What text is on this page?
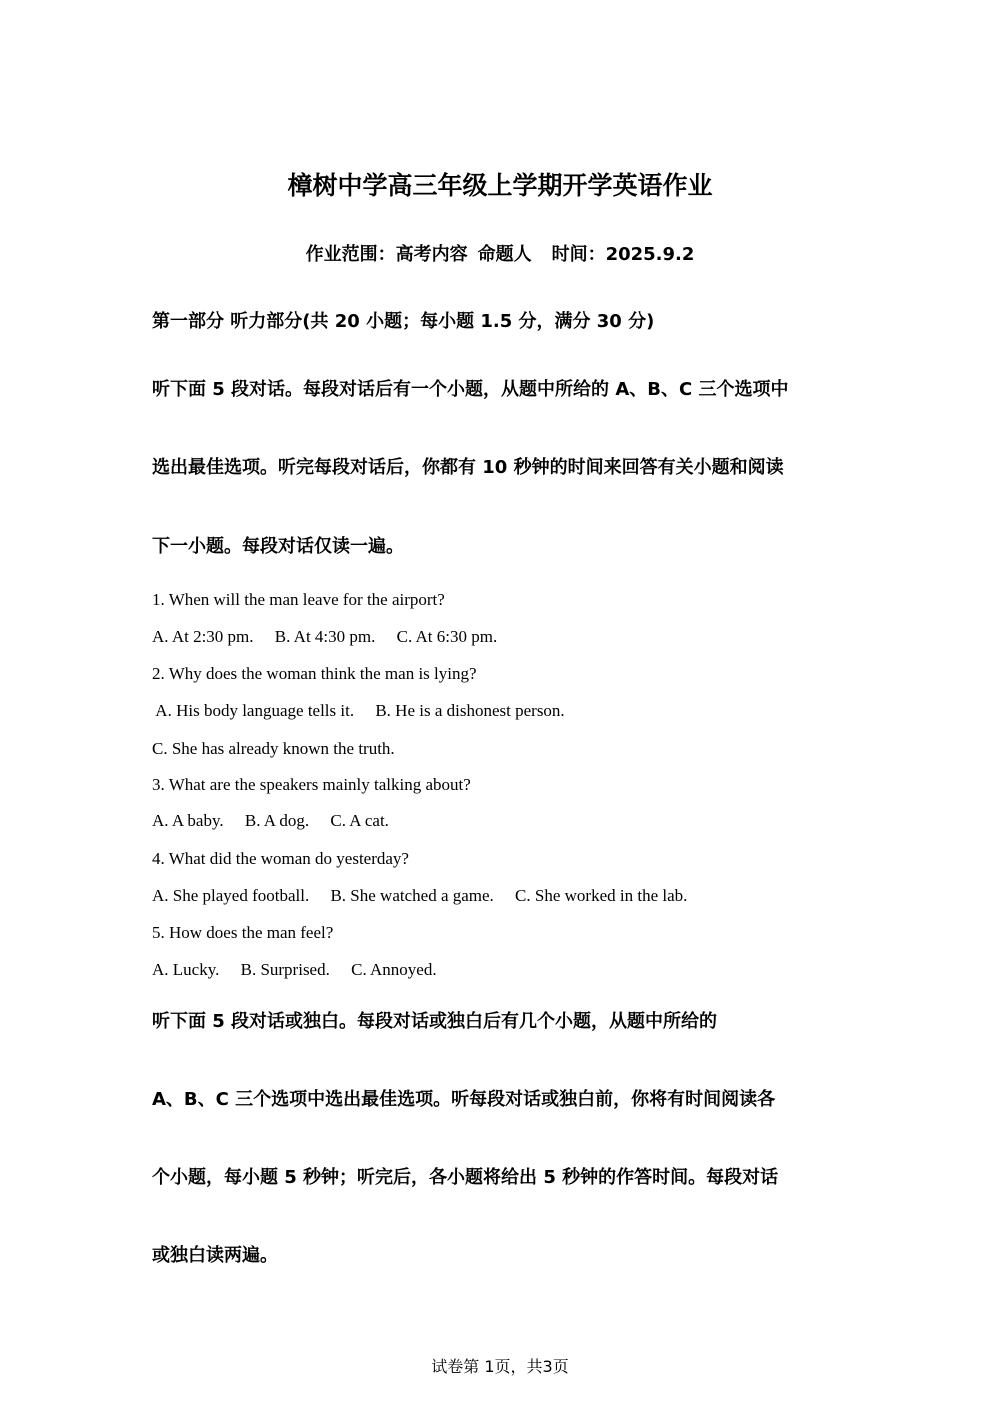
樟树中学高三年级上学期开学英语作业
作业范围：高考内容 命题人 时间：2025.9.2
第一部分 听力部分(共 20 小题；每小题 1.5 分，满分 30 分)
听下面 5 段对话。每段对话后有一个小题，从题中所给的 A、B、C 三个选项中
选出最佳选项。听完每段对话后，你都有 10 秒钟的时间来回答有关小题和阅读
下一小题。每段对话仅读一遍。
1. When will the man leave for the airport?
A. At 2:30 pm.     B. At 4:30 pm.     C. At 6:30 pm.
2. Why does the woman think the man is lying?
A. His body language tells it.     B. He is a dishonest person.
C. She has already known the truth.
3. What are the speakers mainly talking about?
A. A baby.     B. A dog.     C. A cat.
4. What did the woman do yesterday?
A. She played football.     B. She watched a game.     C. She worked in the lab.
5. How does the man feel?
A. Lucky.     B. Surprised.     C. Annoyed.
听下面 5 段对话或独白。每段对话或独白后有几个小题，从题中所给的
A、B、C 三个选项中选出最佳选项。听每段对话或独白前，你将有时间阅读各
个小题，每小题 5 秒钟；听完后，各小题将给出 5 秒钟的作答时间。每段对话
或独白读两遍。
试卷第 1页，共3页
